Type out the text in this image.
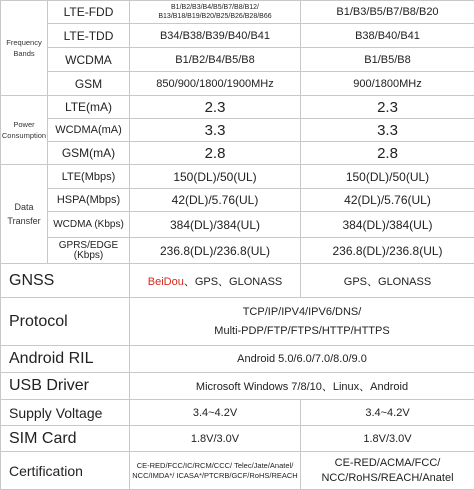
Frequency Bands	LTE-FDD	B1/B2/B3/B4/B5/B7/B8/B12/ B13/B18/B19/B20/B25/B26/B28/B66	B1/B3/B5/B7/B8/B20
	LTE-TDD	B34/B38/B39/B40/B41	B38/B40/B41
	WCDMA	B1/B2/B4/B5/B8	B1/B5/B8
	GSM	850/900/1800/1900MHz	900/1800MHz
Power Consumption	LTE(mA)	2.3	2.3
	WCDMA(mA)	3.3	3.3
	GSM(mA)	2.8	2.8
Data Transfer	LTE(Mbps)	150(DL)/50(UL)	150(DL)/50(UL)
	HSPA(Mbps)	42(DL)/5.76(UL)	42(DL)/5.76(UL)
	WCDMA (Kbps)	384(DL)/384(UL)	384(DL)/384(UL)
	GPRS/EDGE (Kbps)	236.8(DL)/236.8(UL)	236.8(DL)/236.8(UL)
GNSS		BeiDou、GPS、GLONASS	GPS、GLONASS
Protocol		TCP/IP/IPV4/IPV6/DNS/
Multi-PDP/FTP/FTPS/HTTP/HTTPS	

Android RIL		Android 5.0/6.0/7.0/8.0/9.0	
USB Driver		Microsoft Windows 7/8/10、Linux、Android	
Supply Voltage		3.4~4.2V	3.4~4.2V
SIM Card		1.8V/3.0V	1.8V/3.0V
Certification		CE-RED/FCC/IC/RCM/CCC/ Telec/Jate/Anatel/ NCC/IMDA*/ ICASA*/PTCRB/GCF/RoHS/REACH	CE-RED/ACMA/FCC/
NCC/RoHS/REACH/Anatel
